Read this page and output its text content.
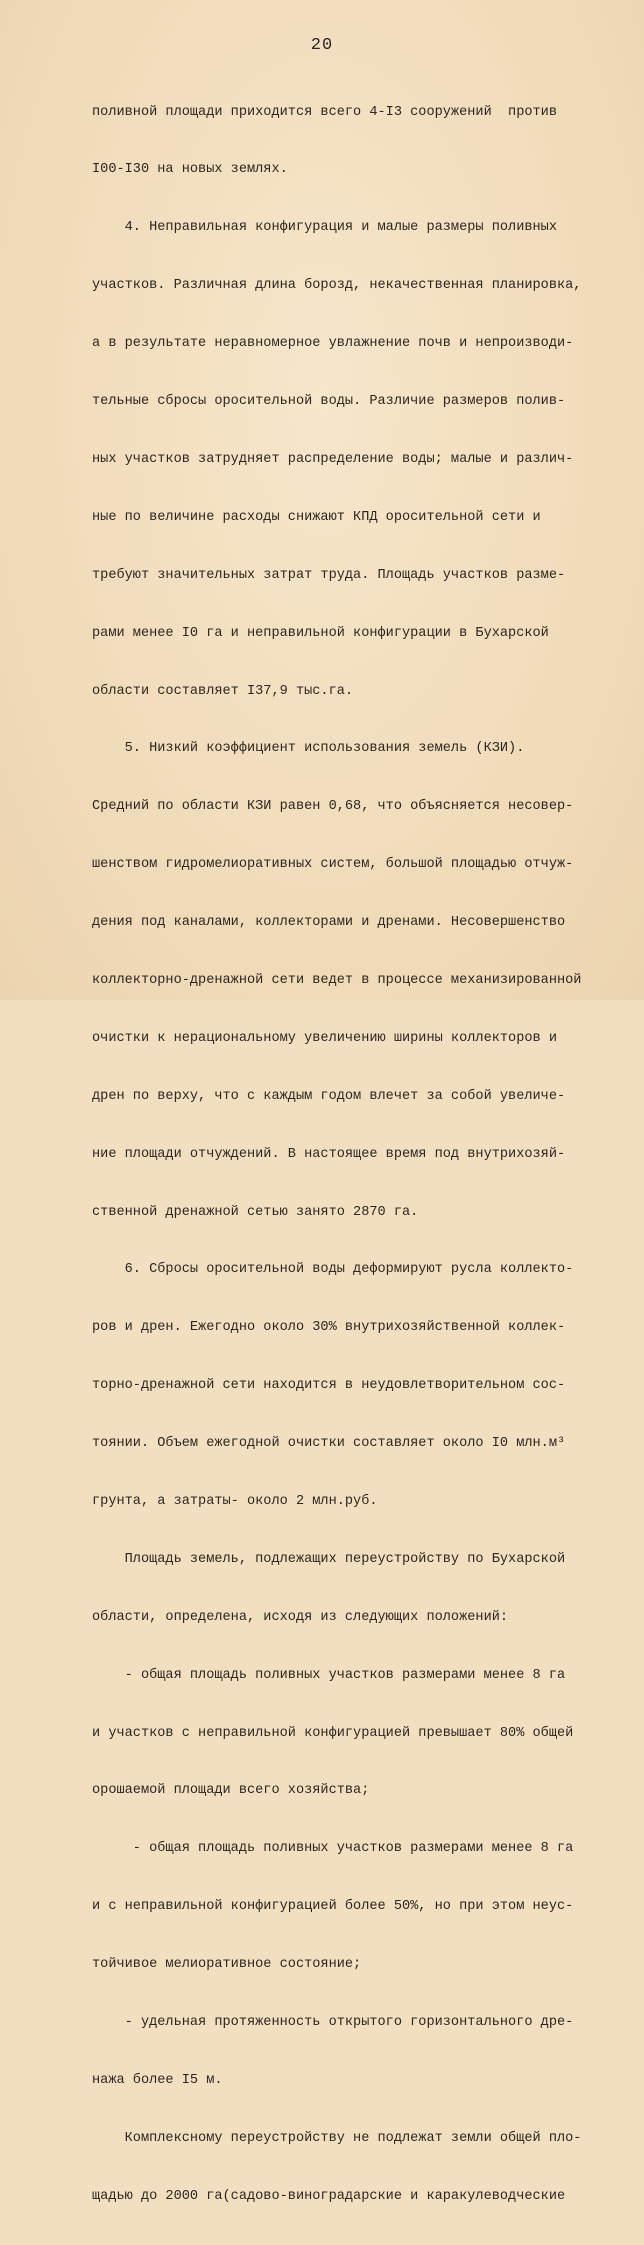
20

поливной площади приходится всего 4-I3 сооружений  против

I00-I30 на новых землях.

4. Неправильная конфигурация и малые размеры поливных

участков. Различная длина борозд, некачественная планировка,

а в результате неравномерное увлажнение почв и непроизводи-

тельные сбросы оросительной воды. Различие размеров полив-

ных участков затрудняет распределение воды; малые и различ-

ные по величине расходы снижают КПД оросительной сети и

требуют значительных затрат труда. Площадь участков разме-

рами менее I0 га и неправильной конфигурации в Бухарской

области составляет I37,9 тыс.га.

5. Низкий коэффициент использования земель (КЗИ).

Средний по области КЗИ равен 0,68, что объясняется несовер-

шенством гидромелиоративных систем, большой площадью отчуж-

дения под каналами, коллекторами и дренами. Несовершенство

коллекторно-дренажной сети ведет в процессе механизированной

очистки к нерациональному увеличению ширины коллекторов и

дрен по верху, что с каждым годом влечет за собой увеличе-

ние площади отчуждений. В настоящее время под внутрихозяй-

ственной дренажной сетью занято 2870 га.

6. Сбросы оросительной воды деформируют русла коллекто-

ров и дрен. Ежегодно около 30% внутрихозяйственной коллек-

торно-дренажной сети находится в неудовлетворительном сос-

тоянии. Объем ежегодной очистки составляет около I0 млн.м³

грунта, а затраты- около 2 млн.руб.

Площадь земель, подлежащих переустройству по Бухарской

области, определена, исходя из следующих положений:

- общая площадь поливных участков размерами менее 8 га

и участков с неправильной конфигурацией превышает 80% общей

орошаемой площади всего хозяйства;

- общая площадь поливных участков размерами менее 8 га

и с неправильной конфигурацией более 50%, но при этом неус-

тойчивое мелиоративное состояние;

- удельная протяженность открытого горизонтального дре-

нажа более I5 м.

Комплексному переустройству не подлежат земли общей пло-

щадью до 2000 га(садово-виноградарские и каракулеводческие
